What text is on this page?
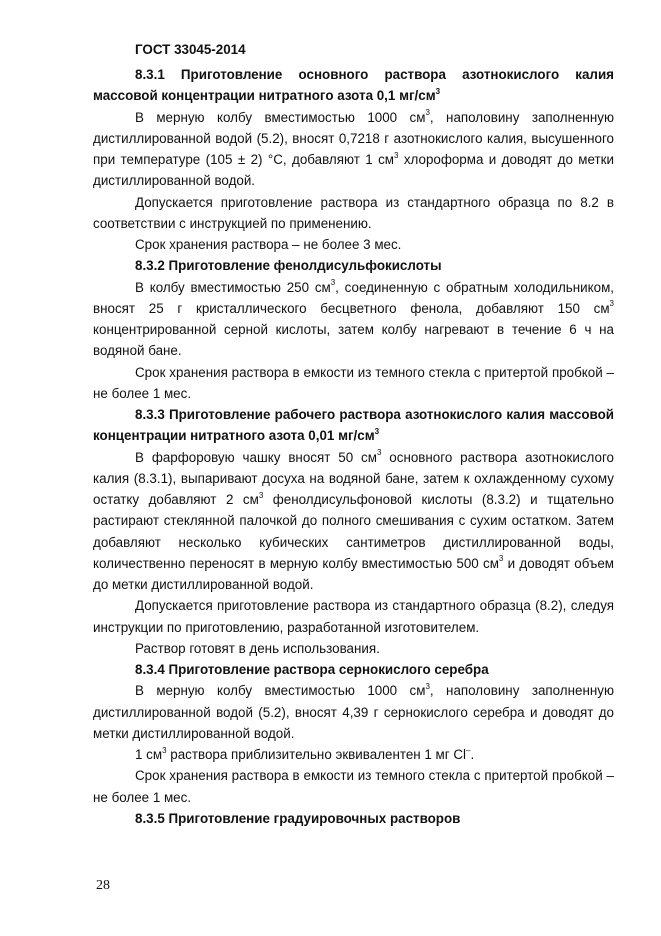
ГОСТ 33045-2014

8.3.1 Приготовление основного раствора азотнокислого калия массовой концентрации нитратного азота 0,1 $мг/см^3$

В мерную колбу вместимостью 1000 $см^3$, наполовину заполненную дистиллированной водой (5.2), вносят 0,7218 г азотнокислого калия, высушенного при температуре (105 ± 2) °С, добавляют 1 $см^3$ хлороформа и доводят до метки дистиллированной водой.

Допускается приготовление раствора из стандартного образца по 8.2 в соответствии с инструкцией по применению.

Срок хранения раствора – не более 3 мес.

8.3.2 Приготовление фенолдисульфокислоты

В колбу вместимостью 250 $см^3$, соединенную с обратным холодильником, вносят 25 г кристаллического бесцветного фенола, добавляют 150 $см^3$ концентрированной серной кислоты, затем колбу нагревают в течение 6 ч на водяной бане.

Срок хранения раствора в емкости из темного стекла с притертой пробкой – не более 1 мес.

8.3.3 Приготовление рабочего раствора азотнокислого калия массовой концентрации нитратного азота 0,01 $мг/см^3$

В фарфоровую чашку вносят 50 $см^3$ основного раствора азотнокислого калия (8.3.1), выпаривают досуха на водяной бане, затем к охлажденному сухому остатку добавляют 2 $см^3$ фенолдисульфоновой кислоты (8.3.2) и тщательно растирают стеклянной палочкой до полного смешивания с сухим остатком. Затем добавляют несколько кубических сантиметров дистиллированной воды, количественно переносят в мерную колбу вместимостью 500 $см^3$ и доводят объем до метки дистиллированной водой.

Допускается приготовление раствора из стандартного образца (8.2), следуя инструкции по приготовлению, разработанной изготовителем.

Раствор готовят в день использования.

8.3.4 Приготовление раствора сернокислого серебра

В мерную колбу вместимостью 1000 $см^3$, наполовину заполненную дистиллированной водой (5.2), вносят 4,39 г сернокислого серебра и доводят до метки дистиллированной водой.

1 $см^3$ раствора приблизительно эквивалентен 1 мг Cl–.

Срок хранения раствора в емкости из темного стекла с притертой пробкой – не более 1 мес.

8.3.5 Приготовление градуировочных растворов

28
